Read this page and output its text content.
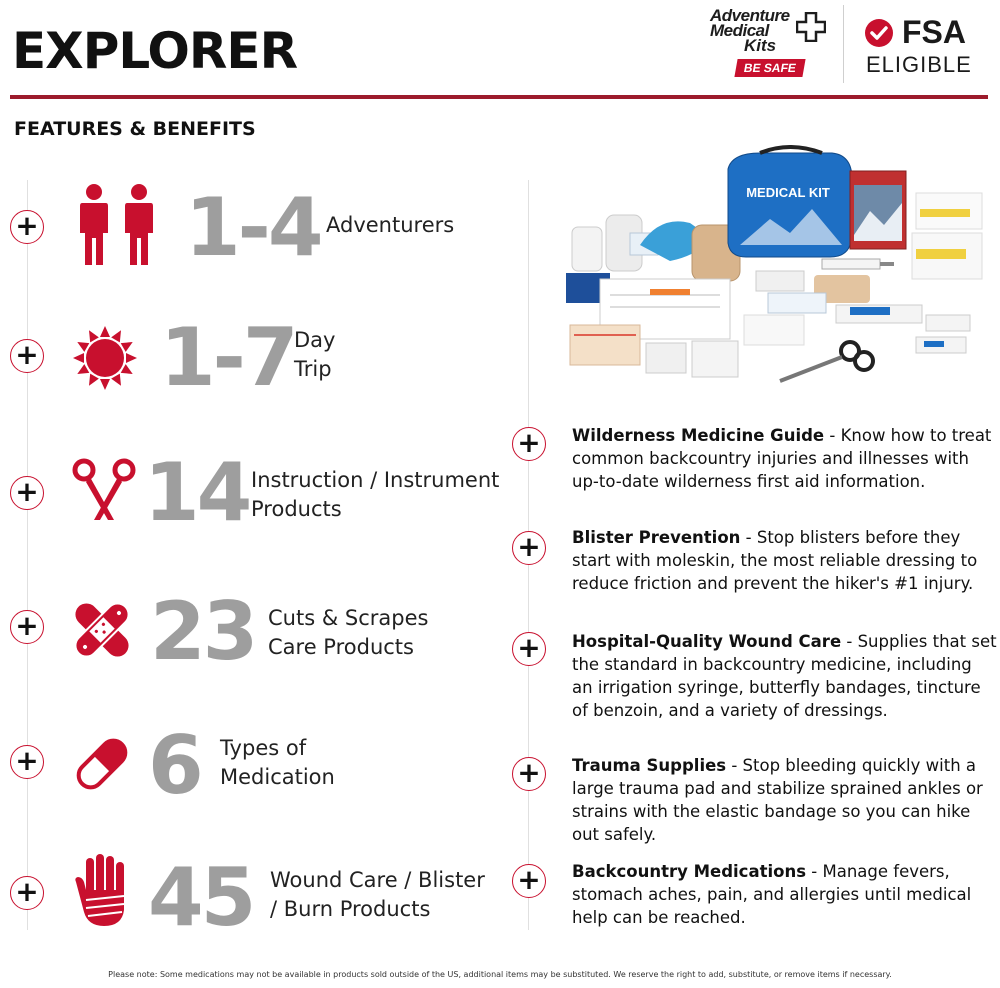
EXPLORER
Adventure
Medical
Kits
BE SAFE
FSA
ELIGIBLE
FEATURES & BENEFITS
+ 1-4 Adventurers
+ 1-7
Day
Trip
+ 14 Instruction / Instrument
Products
+ 23 Cuts & Scrapes
Care Products
+ 6 Types of
Medication
+ 45 Wound Care / Blister
/ Burn Products
MEDICAL KIT
+ Wilderness Medicine Guide - Know how to treat common backcountry injuries and illnesses with up-to-date wilderness first aid information.
+ Blister Prevention - Stop blisters before they start with moleskin, the most reliable dressing to reduce friction and prevent the hiker's #1 injury.
+ Hospital-Quality Wound Care - Supplies that set the standard in backcountry medicine, including an irrigation syringe, butterfly bandages, tincture of benzoin, and a variety of dressings.
+ Trauma Supplies - Stop bleeding quickly with a large trauma pad and stabilize sprained ankles or strains with the elastic bandage so you can hike out safely.
+ Backcountry Medications - Manage fevers, stomach aches, pain, and allergies until medical help can be reached.
Please note: Some medications may not be available in products sold outside of the US, additional items may be substituted. We reserve the right to add, substitute, or remove items if necessary.
